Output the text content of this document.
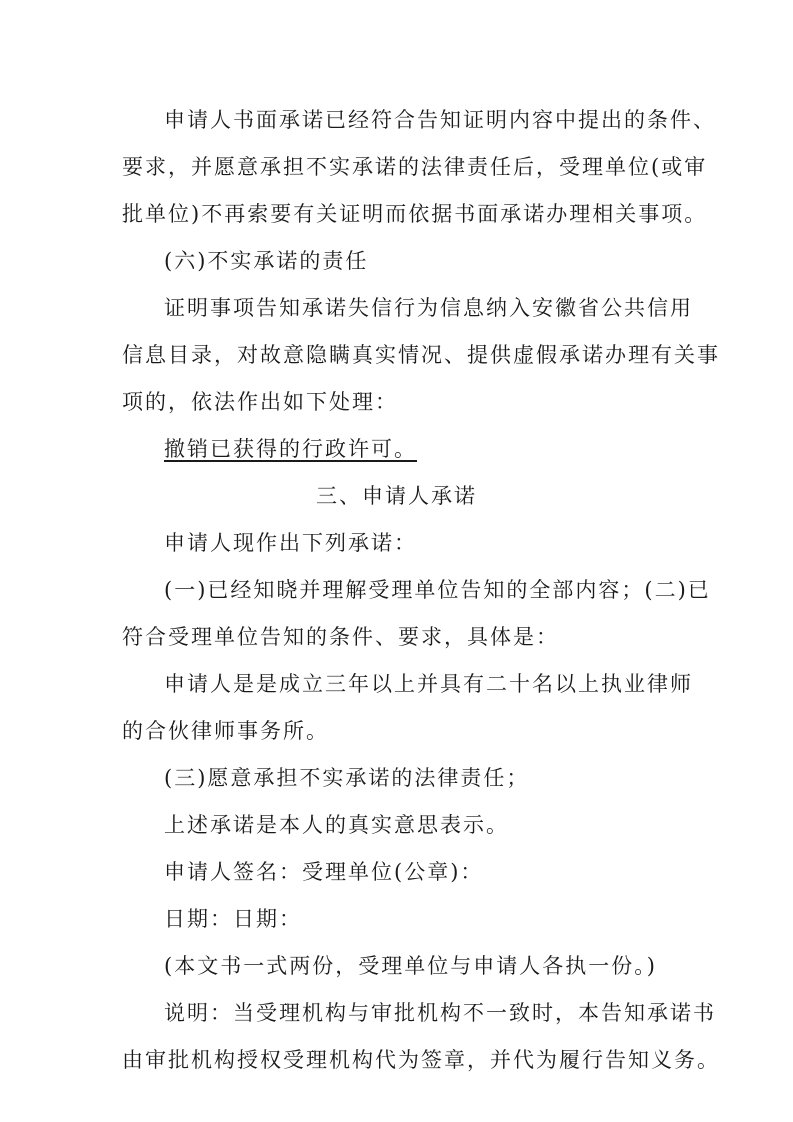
申请人书面承诺已经符合告知证明内容中提出的条件、
要求，并愿意承担不实承诺的法律责任后，受理单位(或审
批单位)不再索要有关证明而依据书面承诺办理相关事项。
(六)不实承诺的责任
证明事项告知承诺失信行为信息纳入安徽省公共信用
信息目录，对故意隐瞒真实情况、提供虚假承诺办理有关事
项的，依法作出如下处理：
撤销已获得的行政许可。
三、申请人承诺
申请人现作出下列承诺：
(一)已经知晓并理解受理单位告知的全部内容；(二)已
符合受理单位告知的条件、要求，具体是：
申请人是是成立三年以上并具有二十名以上执业律师
的合伙律师事务所。
(三)愿意承担不实承诺的法律责任；
上述承诺是本人的真实意思表示。
申请人签名：受理单位(公章)：
日期：日期：
(本文书一式两份，受理单位与申请人各执一份。)
说明：当受理机构与审批机构不一致时，本告知承诺书
由审批机构授权受理机构代为签章，并代为履行告知义务。
